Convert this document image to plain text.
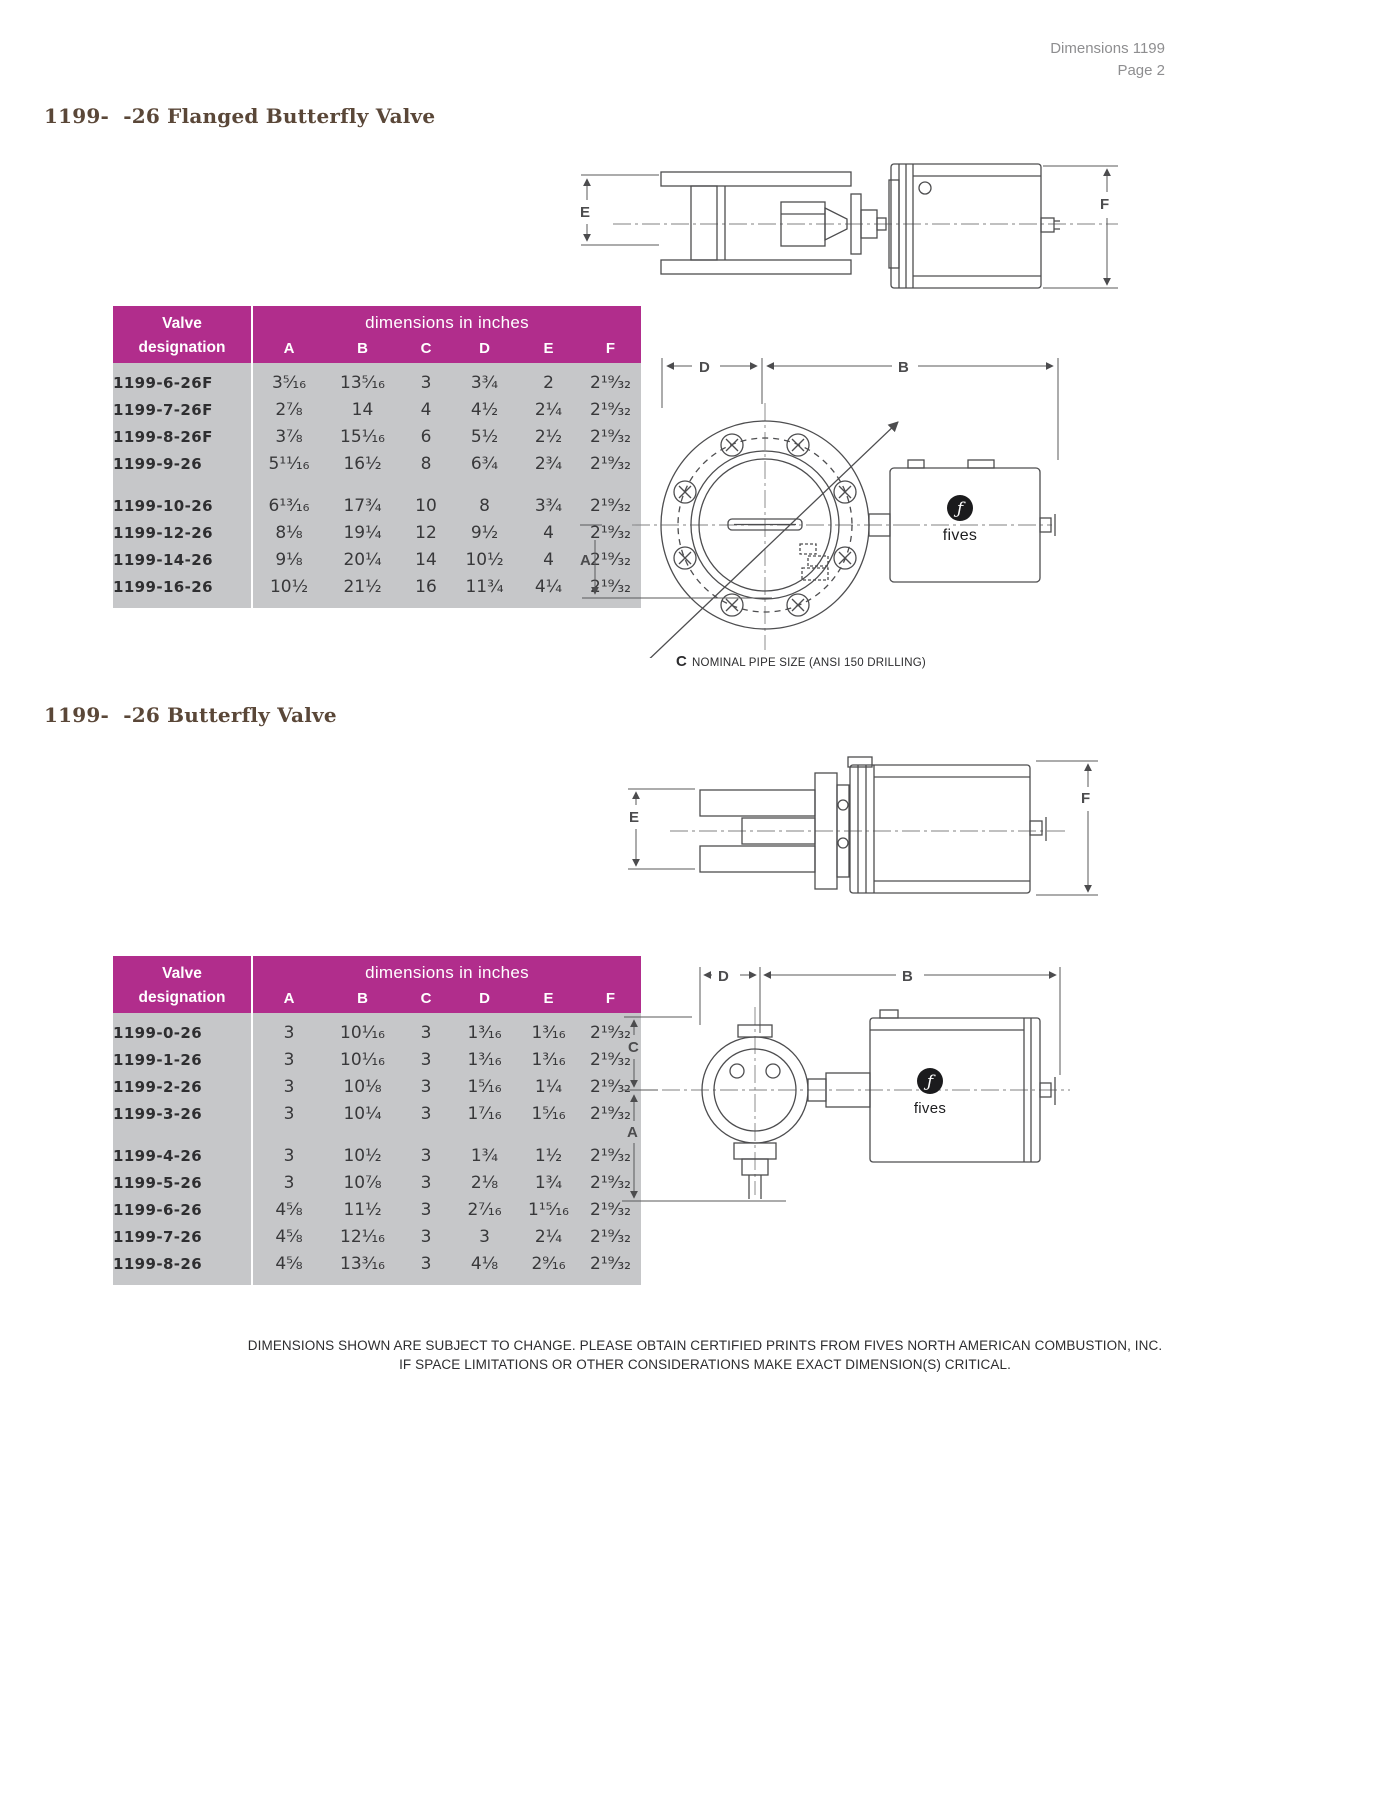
Dimensions 1199
Page 2
1199-  -26 Flanged Butterfly Valve
E	F
Valve	dimensions in inches					
designation	A	B	C	D	E	F
1199-6-26F	3⁵⁄₁₆	13⁵⁄₁₆	3	3¾	2	2¹⁹⁄₃₂
1199-7-26F	2⅞	14	4	4½	2¼	2¹⁹⁄₃₂
1199-8-26F	3⅞	15¹⁄₁₆	6	5½	2½	2¹⁹⁄₃₂
1199-9-26	5¹¹⁄₁₆	16½	8	6¾	2¾	2¹⁹⁄₃₂
1199-10-26	6¹³⁄₁₆	17¾	10	8	3¾	2¹⁹⁄₃₂
1199-12-26	8⅛	19¼	12	9½	4	2¹⁹⁄₃₂
1199-14-26	9⅛	20¼	14	10½	4	2¹⁹⁄₃₂
1199-16-26	10½	21½	16	11¾	4¼	2¹⁹⁄₃₂
D	B
A
ƒ
fives
C NOMINAL PIPE SIZE (ANSI 150 DRILLING)
1199-  -26 Butterfly Valve
E
F
Valve	dimensions in inches					
designation	A	B	C	D	E	F
1199-0-26	3	10¹⁄₁₆	3	1³⁄₁₆	1³⁄₁₆	2¹⁹⁄₃₂
1199-1-26	3	10¹⁄₁₆	3	1³⁄₁₆	1³⁄₁₆	2¹⁹⁄₃₂
1199-2-26	3	10⅛	3	1⁵⁄₁₆	1¼	2¹⁹⁄₃₂
1199-3-26	3	10¼	3	1⁷⁄₁₆	1⁵⁄₁₆	2¹⁹⁄₃₂
1199-4-26	3	10½	3	1¾	1½	2¹⁹⁄₃₂
1199-5-26	3	10⅞	3	2⅛	1¾	2¹⁹⁄₃₂
1199-6-26	4⅝	11½	3	2⁷⁄₁₆	1¹⁵⁄₁₆	2¹⁹⁄₃₂
1199-7-26	4⅝	12¹⁄₁₆	3	3	2¼	2¹⁹⁄₃₂
1199-8-26	4⅝	13³⁄₁₆	3	4⅛	2⁹⁄₁₆	2¹⁹⁄₃₂
D	B
C
A
ƒ
fives
DIMENSIONS SHOWN ARE SUBJECT TO CHANGE. PLEASE OBTAIN CERTIFIED PRINTS FROM FIVES NORTH AMERICAN COMBUSTION, INC.
IF SPACE LIMITATIONS OR OTHER CONSIDERATIONS MAKE EXACT DIMENSION(S) CRITICAL.
